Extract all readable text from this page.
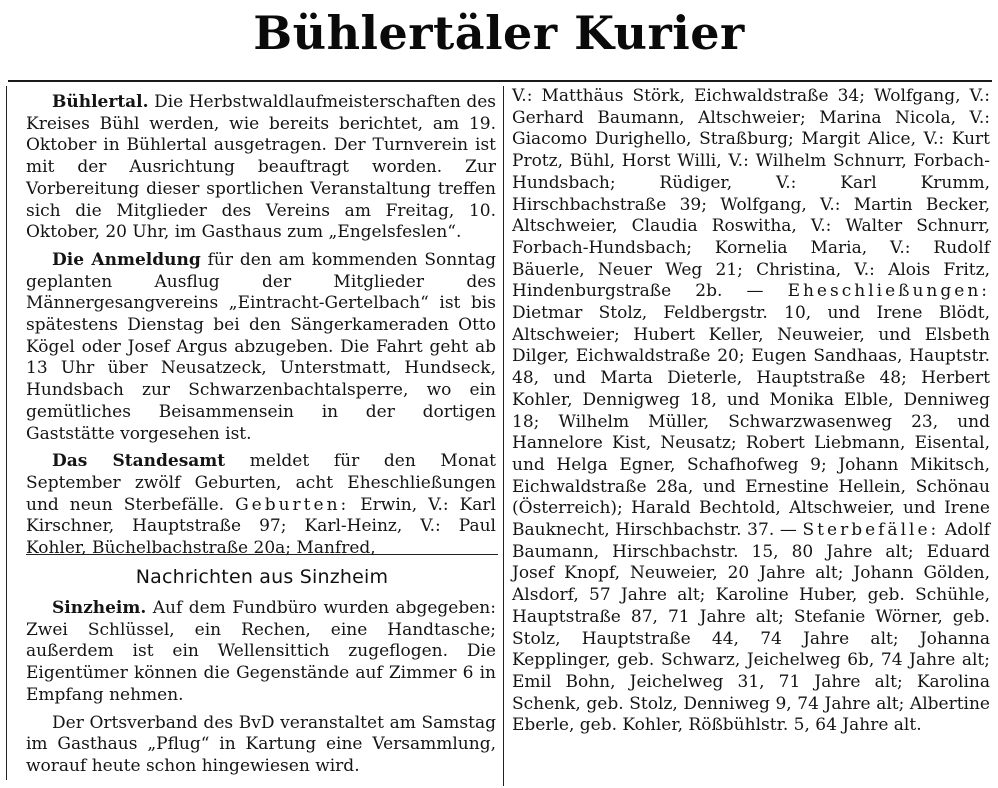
Bühlertäler Kurier

Bühlertal. Die Herbstwaldlaufmeisterschaften des Kreises Bühl werden, wie bereits berichtet, am 19. Oktober in Bühlertal ausgetragen. Der Turnverein ist mit der Ausrichtung beauftragt worden. Zur Vorbereitung dieser sportlichen Veranstaltung treffen sich die Mitglieder des Vereins am Freitag, 10. Oktober, 20 Uhr, im Gasthaus zum „Engelsfeslen“.

Die Anmeldung für den am kommenden Sonntag geplanten Ausflug der Mitglieder des Männergesangvereins „Eintracht-Gertelbach“ ist bis spätestens Dienstag bei den Sängerkameraden Otto Kögel oder Josef Argus abzugeben. Die Fahrt geht ab 13 Uhr über Neusatzeck, Unterstmatt, Hundseck, Hundsbach zur Schwarzenbachtalsperre, wo ein gemütliches Beisammensein in der dortigen Gaststätte vorgesehen ist.

Das Standesamt meldet für den Monat September zwölf Geburten, acht Eheschließungen und neun Sterbefälle. Geburten: Erwin, V.: Karl Kirschner, Hauptstraße 97; Karl-Heinz, V.: Paul Kohler, Büchelbachstraße 20a; Manfred,

Nachrichten aus Sinzheim

Sinzheim. Auf dem Fundbüro wurden abgegeben: Zwei Schlüssel, ein Rechen, eine Handtasche; außerdem ist ein Wellensittich zugeflogen. Die Eigentümer können die Gegenstände auf Zimmer 6 in Empfang nehmen.

Der Ortsverband des BvD veranstaltet am Samstag im Gasthaus „Pflug“ in Kartung eine Versammlung, worauf heute schon hingewiesen wird.

V.: Matthäus Störk, Eichwaldstraße 34; Wolfgang, V.: Gerhard Baumann, Altschweier; Marina Nicola, V.: Giacomo Durighello, Straßburg; Margit Alice, V.: Kurt Protz, Bühl, Horst Willi, V.: Wilhelm Schnurr, Forbach-Hundsbach; Rüdiger, V.: Karl Krumm, Hirschbachstraße 39; Wolfgang, V.: Martin Becker, Altschweier, Claudia Roswitha, V.: Walter Schnurr, Forbach-Hundsbach; Kornelia Maria, V.: Rudolf Bäuerle, Neuer Weg 21; Christina, V.: Alois Fritz, Hindenburgstraße 2b. — Eheschließungen: Dietmar Stolz, Feldbergstr. 10, und Irene Blödt, Altschweier; Hubert Keller, Neuweier, und Elsbeth Dilger, Eichwaldstraße 20; Eugen Sandhaas, Hauptstr. 48, und Marta Dieterle, Hauptstraße 48; Herbert Kohler, Dennigweg 18, und Monika Elble, Denniweg 18; Wilhelm Müller, Schwarzwasenweg 23, und Hannelore Kist, Neusatz; Robert Liebmann, Eisental, und Helga Egner, Schafhofweg 9; Johann Mikitsch, Eichwaldstraße 28a, und Ernestine Hellein, Schönau (Österreich); Harald Bechtold, Altschweier, und Irene Bauknecht, Hirschbachstr. 37. — Sterbefälle: Adolf Baumann, Hirschbachstr. 15, 80 Jahre alt; Eduard Josef Knopf, Neuweier, 20 Jahre alt; Johann Gölden, Alsdorf, 57 Jahre alt; Karoline Huber, geb. Schühle, Hauptstraße 87, 71 Jahre alt; Stefanie Wörner, geb. Stolz, Hauptstraße 44, 74 Jahre alt; Johanna Kepplinger, geb. Schwarz, Jeichelweg 6b, 74 Jahre alt; Emil Bohn, Jeichelweg 31, 71 Jahre alt; Karolina Schenk, geb. Stolz, Denniweg 9, 74 Jahre alt; Albertine Eberle, geb. Kohler, Rößbühlstr. 5, 64 Jahre alt.
